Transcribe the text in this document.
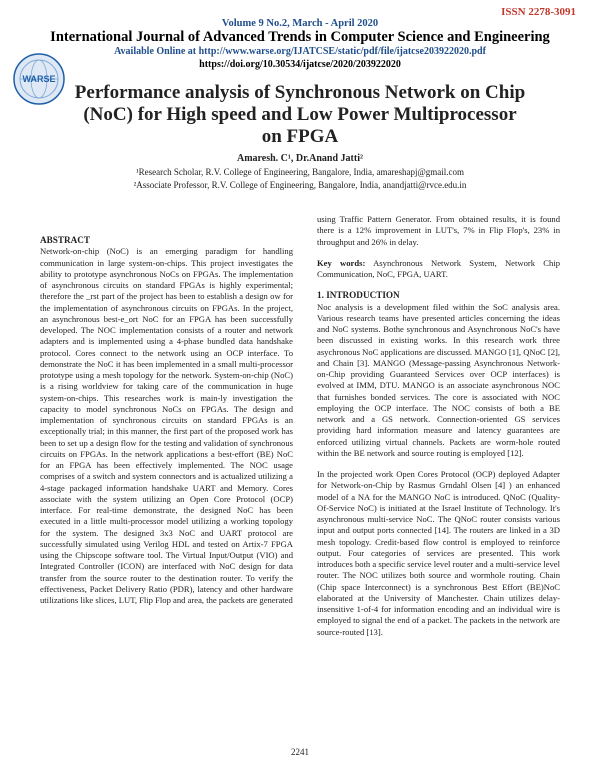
ISSN 2278-3091
WARSE
Volume 9 No.2, March - April 2020
International Journal of Advanced Trends in Computer Science and Engineering
Available Online at http://www.warse.org/IJATCSE/static/pdf/file/ijatcse203922020.pdf
https://doi.org/10.30534/ijatcse/2020/203922020
Performance analysis of Synchronous Network on Chip
(NoC) for High speed and Low Power Multiprocessor
on FPGA
Amaresh. C¹, Dr.Anand Jatti²
¹Research Scholar, R.V. College of Engineering, Bangalore, India, amareshapj@gmail.com
²Associate Professor, R.V. College of Engineering, Bangalore, India, anandjatti@rvce.edu.in

ABSTRACT

Network-on-chip (NoC) is an emerging paradigm for handling communication in large system-on-chips. This project investigates the ability to prototype asynchronous NoCs on FPGAs. The implementation of asynchronous circuits on standard FPGAs is highly experimental; therefore the _rst part of the project has been to establish a design ow for the implementation of asynchronous circuits on FPGAs. In the project, an asynchronous best-e_ort NoC for an FPGA has been successfully developed. The NOC implementation consists of a router and network adapters and is implemented using a 4-phase bundled data handshake protocol. Cores connect to the network using an OCP interface. To demonstrate the NoC it has been implemented in a small multi-processor prototype using a mesh topology for the network. System-on-chip (NoC) is a rising worldview for taking care of the communication in huge system-on-chips. This researches work is main-ly investigation the capacity to model synchronous NoCs on FPGAs. The design and implementation of synchronous circuits on standard FPGAs is an exceptionally trial; in this manner, the first part of the proposed work has been to set up a design flow for the testing and validation of synchronous circuits on FPGAs. In the network applications a best-effort (BE) NoC for an FPGA has been effectively implemented. The NOC usage comprises of a switch and system connectors and is actualized utilizing a 4-stage packaged information handshake UART and Memory. Cores associate with the system utilizing an Open Core Protocol (OCP) interface. For real-time demonstrate, the designed NoC has been executed in a little multi-processor model utilizing a working topology for the system. The designed 3x3 NoC and UART protocol are successfully simulated using Verilog HDL and tested on Artix-7 FPGA using the Chipscope software tool. The Virtual Input/Output (VIO) and Integrated Controller (ICON) are interfaced with NoC design for data transfer from the source router to the destination router. To verify the effectiveness, Packet Delivery Ratio (PDR), latency and other hardware utilizations like slices, LUT, Flip Flop and area, the packets are generated

using Traffic Pattern Generator. From obtained results, it is found there is a 12% improvement in LUT's, 7% in Flip Flop's, 23% in throughput and 26% in delay.

Key words: Asynchronous Network System, Network Chip Communication, NoC, FPGA, UART.

1. INTRODUCTION

Noc analysis is a development filed within the SoC analysis area. Various research teams have presented articles concerning the ideas and NoC systems. Bothe synchronous and Asynchronous NoC's have been discussed in existing works. In this research work three asychronous NoC applications are discussed. MANGO [1], QNoC [2], and Chain [3]. MANGO (Message-passing Asynchronous Network-on-Chip providing Guaranteed Services over OCP interfaces) is evolved at IMM, DTU. MANGO is an associate asynchronous NOC that furnishes bonded services. The core is associated with NOC employing the OCP interface. The NOC consists of both a BE network and a GS network. Connection-oriented GS services providing hard information measure and latency guarantees are enforced utilizing virtual channels. Packets are worm-hole routed within the BE network and source routing is employed [12].

In the projected work Open Cores Protocol (OCP) deployed Adapter for Network-on-Chip by Rasmus Grndahl Olsen [4] ) an enhanced model of a NA for the MANGO NoC is introduced. QNoC (Quality-Of-Service NoC) is initiated at the Israel Institute of Technology. It's asynchronous multi-service NoC. The QNoC router consists various input and output ports connected [14]. The routers are linked in a 3D mesh topology. Credit-based flow control is employed to reinforce output. Four categories of services are presented. This work introduces both a specific service level router and a multi-service level router. The NOC utilizes both source and wormhole routing. Chain (Chip space Interconnect) is a synchronous Best Effort (BE)NoC elaborated at the University of Manchester. Chain utilizes delay-insensitive 1-of-4 for information encoding and an individual wire is employed to signal the end of a packet. The packets in the network are source-routed [13].

2241
